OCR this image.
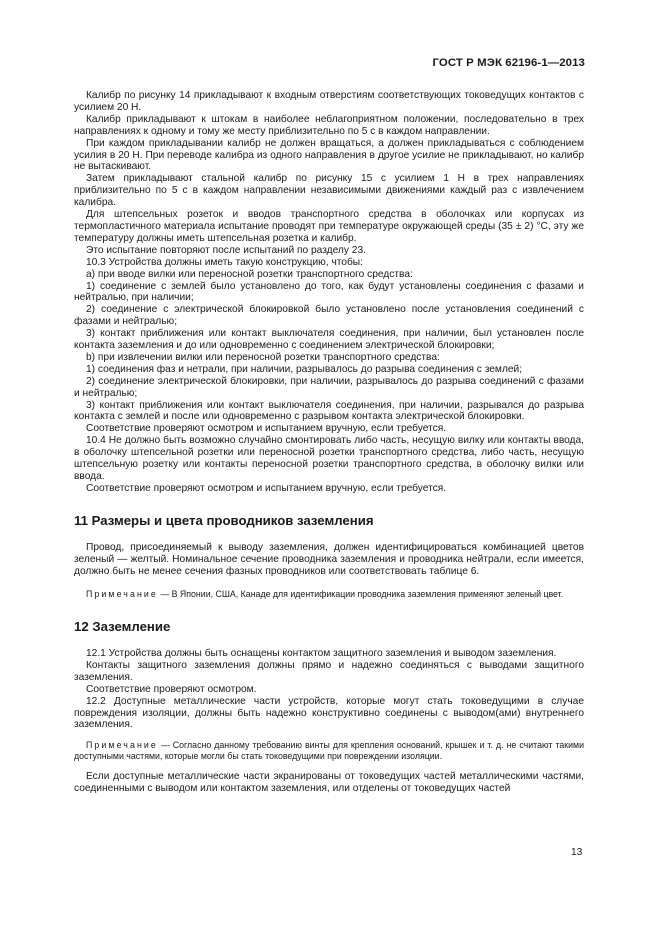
ГОСТ Р МЭК 62196-1—2013

Калибр по рисунку 14 прикладывают к входным отверстиям соответствующих токоведущих контактов с усилием 20 Н.

Калибр прикладывают к штокам в наиболее неблагоприятном положении, последовательно в трех направлениях к одному и тому же месту приблизительно по 5 с в каждом направлении.

При каждом прикладывании калибр не должен вращаться, а должен прикладываться с соблюдением усилия в 20 Н. При переводе калибра из одного направления в другое усилие не прикладывают, но калибр не вытаскивают.

Затем прикладывают стальной калибр по рисунку 15 с усилием 1 Н в трех направлениях приблизительно по 5 с в каждом направлении независимыми движениями каждый раз с извлечением калибра.

Для штепсельных розеток и вводов транспортного средства в оболочках или корпусах из термопластичного материала испытание проводят при температуре окружающей среды (35 ± 2) °С, эту же температуру должны иметь штепсельная розетка и калибр.

Это испытание повторяют после испытаний по разделу 23.

10.3 Устройства должны иметь такую конструкцию, чтобы:

а) при вводе вилки или переносной розетки транспортного средства:

1) соединение с землей было установлено до того, как будут установлены соединения с фазами и нейтралью, при наличии;

2) соединение с электрической блокировкой было установлено после установления соединений с фазами и нейтралью;

3) контакт приближения или контакт выключателя соединения, при наличии, был установлен после контакта заземления и до или одновременно с соединением электрической блокировки;

b) при извлечении вилки или переносной розетки транспортного средства:

1) соединения фаз и нетрали, при наличии, разрывалось до разрыва соединения с землей;

2) соединение электрической блокировки, при наличии, разрывалось до разрыва соединений с фазами и нейтралью;

3) контакт приближения или контакт выключателя соединения, при наличии, разрывался до разрыва контакта с землей и после или одновременно с разрывом контакта электрической блокировки.

Соответствие проверяют осмотром и испытанием вручную, если требуется.

10.4 Не должно быть возможно случайно смонтировать либо часть, несущую вилку или контакты ввода, в оболочку штепсельной розетки или переносной розетки транспортного средства, либо часть, несущую штепсельную розетку или контакты переносной розетки транспортного средства, в оболочку вилки или ввода.

Соответствие проверяют осмотром и испытанием вручную, если требуется.

11 Размеры и цвета проводников заземления

Провод, присоединяемый к выводу заземления, должен идентифицироваться комбинацией цветов зеленый — желтый. Номинальное сечение проводника заземления и проводника нейтрали, если имеется, должно быть не менее сечения фазных проводников или соответствовать таблице 6.

Примечание — В Японии, США, Канаде для идентификации проводника заземления применяют зеленый цвет.

12 Заземление

12.1 Устройства должны быть оснащены контактом защитного заземления и выводом заземления.

Контакты защитного заземления должны прямо и надежно соединяться с выводами защитного заземления.

Соответствие проверяют осмотром.

12.2 Доступные металлические части устройств, которые могут стать токоведущими в случае повреждения изоляции, должны быть надежно конструктивно соединены с выводом(ами) внутреннего заземления.

Примечание — Согласно данному требованию винты для крепления оснований, крышек и т. д. не считают такими доступными частями, которые могли бы стать токоведущими при повреждении изоляции.

Если доступные металлические части экранированы от токоведущих частей металлическими частями, соединенными с выводом или контактом заземления, или отделены от токоведущих частей

13
